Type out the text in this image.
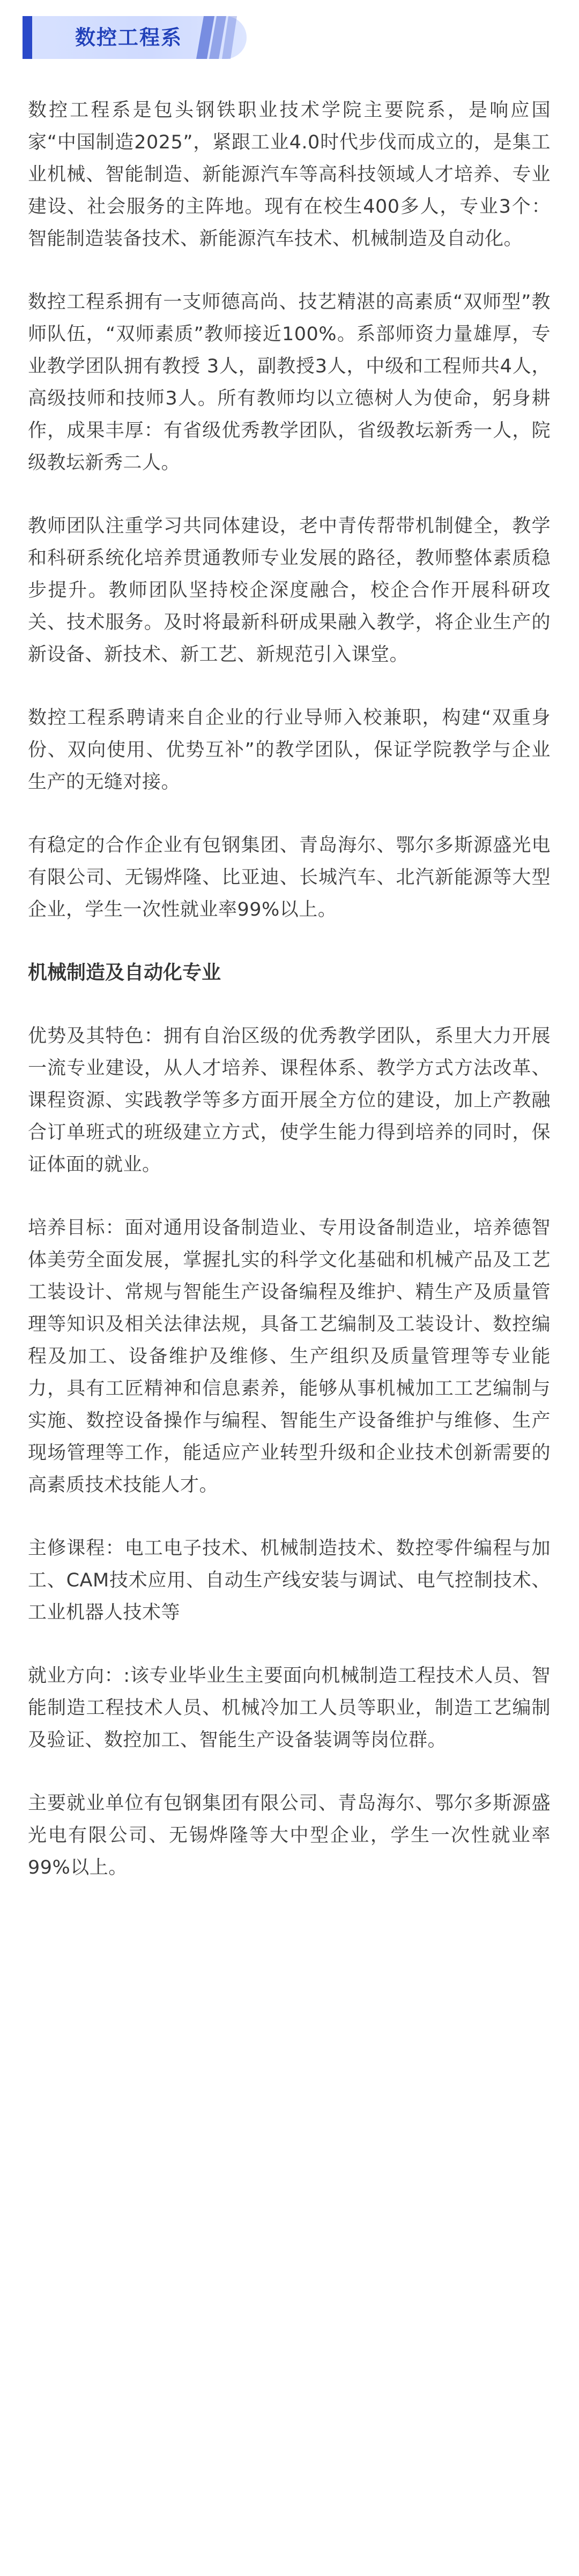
数控工程系

数控工程系是包头钢铁职业技术学院主要院系，是响应国家“中国制造2025”，紧跟工业4.0时代步伐而成立的，是集工业机械、智能制造、新能源汽车等高科技领域人才培养、专业建设、社会服务的主阵地。现有在校生400多人，专业3个：智能制造装备技术、新能源汽车技术、机械制造及自动化。

数控工程系拥有一支师德高尚、技艺精湛的高素质“双师型”教师队伍，“双师素质”教师接近100%。系部师资力量雄厚，专业教学团队拥有教授 3人，副教授3人，中级和工程师共4人，高级技师和技师3人。所有教师均以立德树人为使命，躬身耕作，成果丰厚：有省级优秀教学团队，省级教坛新秀一人，院级教坛新秀二人。

教师团队注重学习共同体建设，老中青传帮带机制健全，教学和科研系统化培养贯通教师专业发展的路径，教师整体素质稳步提升。教师团队坚持校企深度融合，校企合作开展科研攻关、技术服务。及时将最新科研成果融入教学，将企业生产的新设备、新技术、新工艺、新规范引入课堂。

数控工程系聘请来自企业的行业导师入校兼职，构建“双重身份、双向使用、优势互补”的教学团队，保证学院教学与企业生产的无缝对接。

有稳定的合作企业有包钢集团、青岛海尔、鄂尔多斯源盛光电有限公司、无锡烨隆、比亚迪、长城汽车、北汽新能源等大型企业，学生一次性就业率99%以上。

机械制造及自动化专业

优势及其特色：拥有自治区级的优秀教学团队，系里大力开展一流专业建设，从人才培养、课程体系、教学方式方法改革、课程资源、实践教学等多方面开展全方位的建设，加上产教融合订单班式的班级建立方式，使学生能力得到培养的同时，保证体面的就业。

培养目标：面对通用设备制造业、专用设备制造业，培养德智体美劳全面发展，掌握扎实的科学文化基础和机械产品及工艺工装设计、常规与智能生产设备编程及维护、精生产及质量管理等知识及相关法律法规，具备工艺编制及工装设计、数控编程及加工、设备维护及维修、生产组织及质量管理等专业能力，具有工匠精神和信息素养，能够从事机械加工工艺编制与实施、数控设备操作与编程、智能生产设备维护与维修、生产现场管理等工作，能适应产业转型升级和企业技术创新需要的高素质技术技能人才。

主修课程：电工电子技术、机械制造技术、数控零件编程与加工、CAM技术应用、自动生产线安装与调试、电气控制技术、工业机器人技术等

就业方向：:该专业毕业生主要面向机械制造工程技术人员、智能制造工程技术人员、机械冷加工人员等职业，制造工艺编制及验证、数控加工、智能生产设备装调等岗位群。

主要就业单位有包钢集团有限公司、青岛海尔、鄂尔多斯源盛光电有限公司、无锡烨隆等大中型企业，学生一次性就业率99%以上。
